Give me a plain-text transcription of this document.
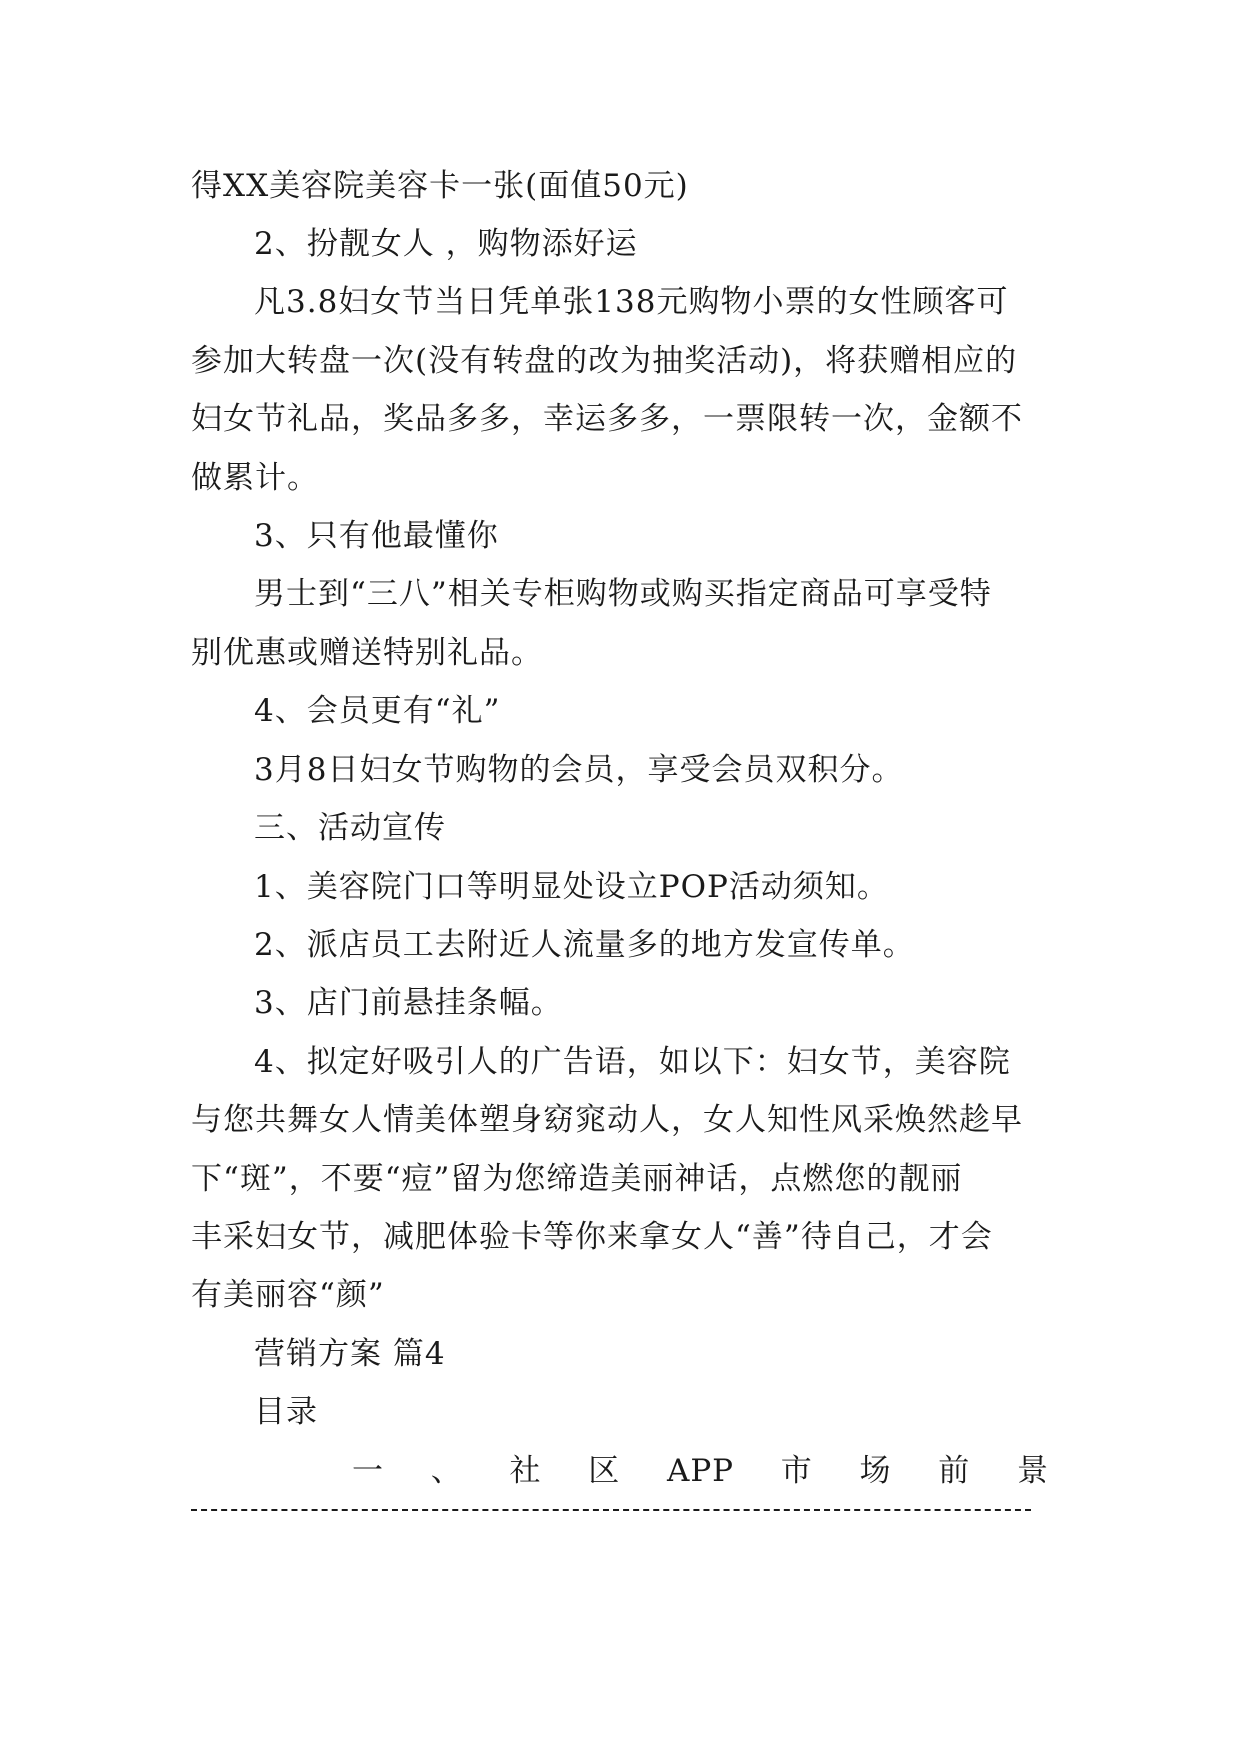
得XX美容院美容卡一张(面值50元)
2、扮靓女人 ，购物添好运
凡3.8妇女节当日凭单张138元购物小票的女性顾客可
参加大转盘一次(没有转盘的改为抽奖活动)，将获赠相应的
妇女节礼品，奖品多多，幸运多多，一票限转一次，金额不
做累计。
3、只有他最懂你
男士到“三八”相关专柜购物或购买指定商品可享受特
别优惠或赠送特别礼品。
4、会员更有“礼”
3月8日妇女节购物的会员，享受会员双积分。
三、活动宣传
1、美容院门口等明显处设立POP活动须知。
2、派店员工去附近人流量多的地方发宣传单。
3、店门前悬挂条幅。
4、拟定好吸引人的广告语，如以下：妇女节，美容院
与您共舞女人情美体塑身窈窕动人，女人知性风采焕然趁早
下“斑”，不要“痘”留为您缔造美丽神话，点燃您的靓丽
丰采妇女节，减肥体验卡等你来拿女人“善”待自己，才会
有美丽容“颜”
营销方案 篇4
目录
一 、 社 区 APP 市 场 前 景
